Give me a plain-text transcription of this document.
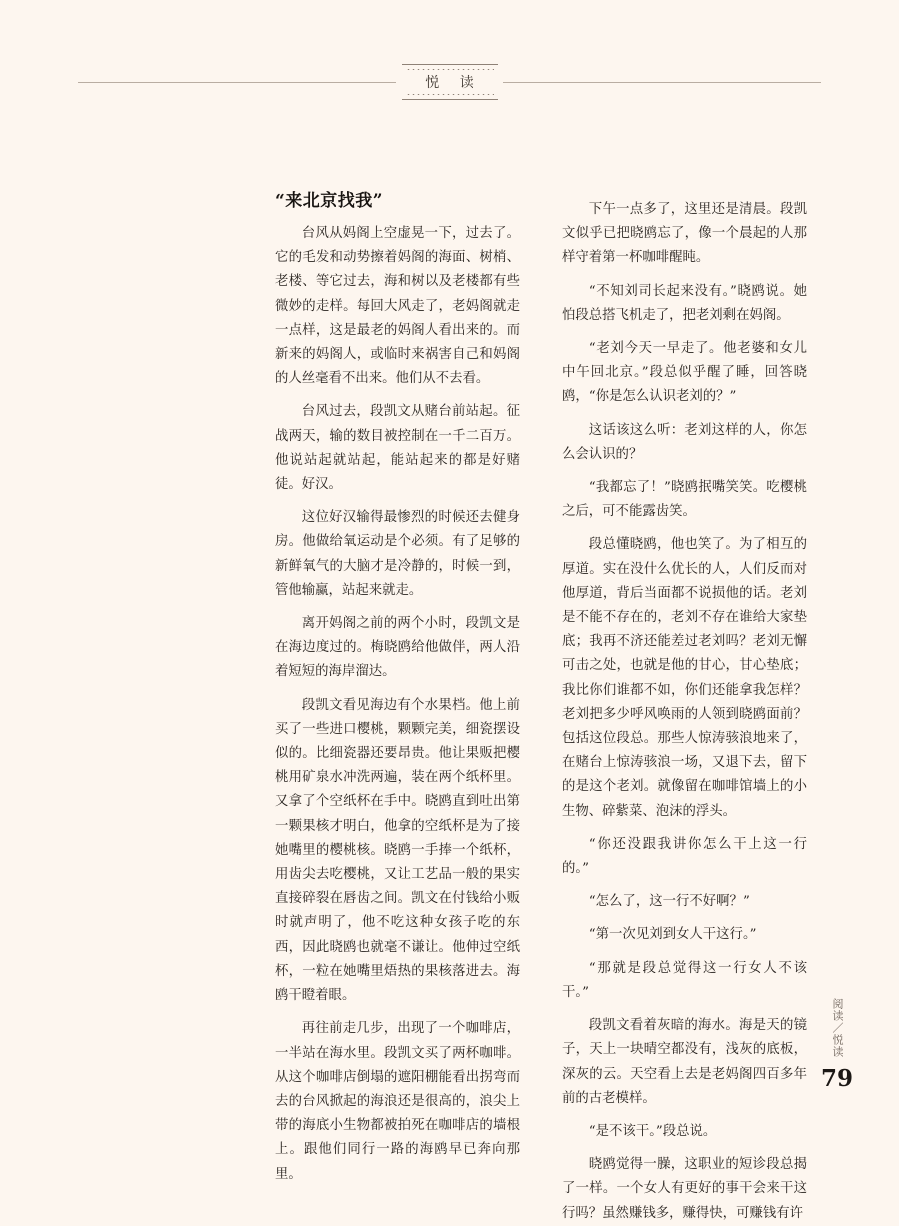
悦 读
“来北京找我”

台风从妈阁上空虚晃一下，过去了。它的毛发和动势擦着妈阁的海面、树梢、老楼、等它过去，海和树以及老楼都有些微妙的走样。每回大风走了，老妈阁就走一点样，这是最老的妈阁人看出来的。而新来的妈阁人，或临时来祸害自己和妈阁的人丝毫看不出来。他们从不去看。

台风过去，段凯文从赌台前站起。征战两天，输的数目被控制在一千二百万。他说站起就站起，能站起来的都是好赌徒。好汉。

这位好汉输得最惨烈的时候还去健身房。他做给氧运动是个必须。有了足够的新鲜氧气的大脑才是冷静的，时候一到，管他输赢，站起来就走。

离开妈阁之前的两个小时，段凯文是在海边度过的。梅晓鸥给他做伴，两人沿着短短的海岸溜达。

段凯文看见海边有个水果档。他上前买了一些进口樱桃，颗颗完美，细瓷摆设似的。比细瓷器还要昂贵。他让果贩把樱桃用矿泉水冲洗两遍，装在两个纸杯里。又拿了个空纸杯在手中。晓鸥直到吐出第一颗果核才明白，他拿的空纸杯是为了接她嘴里的樱桃核。晓鸥一手捧一个纸杯，用齿尖去吃樱桃，又让工艺品一般的果实直接碎裂在唇齿之间。凯文在付钱给小贩时就声明了，他不吃这种女孩子吃的东西，因此晓鸥也就毫不谦让。他伸过空纸杯，一粒在她嘴里焐热的果核落进去。海鸥干瞪着眼。

再往前走几步，出现了一个咖啡店，一半站在海水里。段凯文买了两杯咖啡。从这个咖啡店倒塌的遮阳棚能看出拐弯而去的台风掀起的海浪还是很高的，浪尖上带的海底小生物都被拍死在咖啡店的墙根上。跟他们同行一路的海鸥早已奔向那里。

下午一点多了，这里还是清晨。段凯文似乎已把晓鸥忘了，像一个晨起的人那样守着第一杯咖啡醒盹。

“不知刘司长起来没有。”晓鸥说。她怕段总搭飞机走了，把老刘剩在妈阁。

“老刘今天一早走了。他老婆和女儿中午回北京。”段总似乎醒了睡，回答晓鸥，“你是怎么认识老刘的？”

这话该这么听：老刘这样的人，你怎么会认识的？

“我都忘了！”晓鸥抿嘴笑笑。吃樱桃之后，可不能露齿笑。

段总懂晓鸥，他也笑了。为了相互的厚道。实在没什么优长的人，人们反而对他厚道，背后当面都不说损他的话。老刘是不能不存在的，老刘不存在谁给大家垫底；我再不济还能差过老刘吗？老刘无懈可击之处，也就是他的甘心，甘心垫底；我比你们谁都不如，你们还能拿我怎样？老刘把多少呼风唤雨的人领到晓鸥面前？包括这位段总。那些人惊涛骇浪地来了，在赌台上惊涛骇浪一场，又退下去，留下的是这个老刘。就像留在咖啡馆墙上的小生物、碎紫菜、泡沫的浮头。

“你还没跟我讲你怎么干上这一行的。”

“怎么了，这一行不好啊？”

“第一次见刘到女人干这行。”

“那就是段总觉得这一行女人不该干。”

段凯文看着灰暗的海水。海是天的镜子，天上一块晴空都没有，浅灰的底板，深灰的云。天空看上去是老妈阁四百多年前的古老模样。

“是不该干。”段总说。

晓鸥觉得一臊，这职业的短诊段总揭了一样。一个女人有更好的事干会来干这行吗？虽然赚钱多，赚得快，可赚钱有许

阅读／悦读
79
